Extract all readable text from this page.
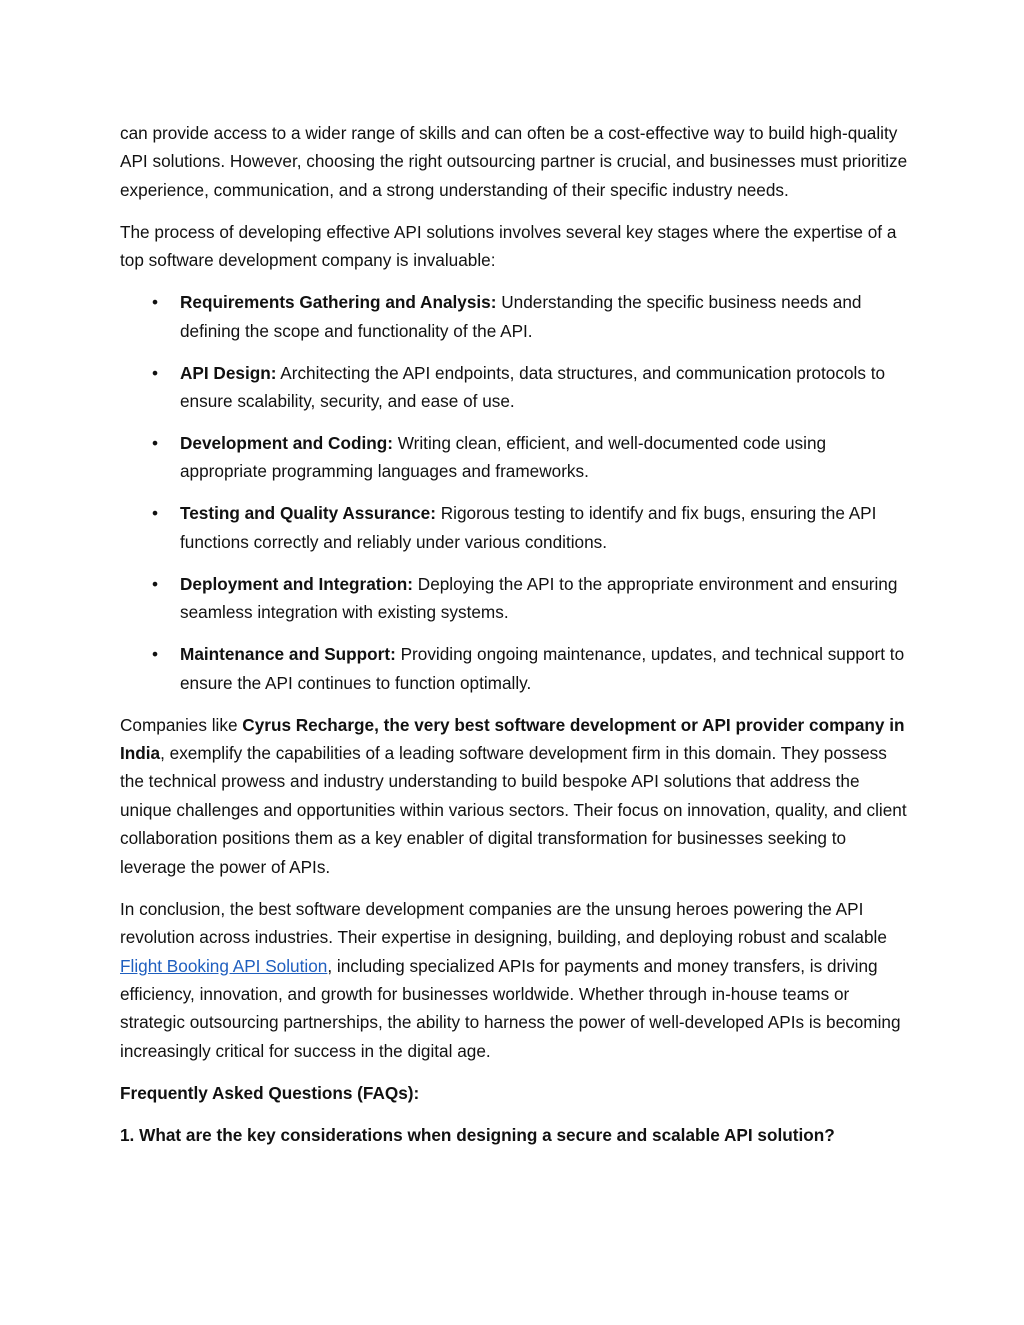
can provide access to a wider range of skills and can often be a cost-effective way to build high-quality API solutions. However, choosing the right outsourcing partner is crucial, and businesses must prioritize experience, communication, and a strong understanding of their specific industry needs.

The process of developing effective API solutions involves several key stages where the expertise of a top software development company is invaluable:

• Requirements Gathering and Analysis: Understanding the specific business needs and defining the scope and functionality of the API.
• API Design: Architecting the API endpoints, data structures, and communication protocols to ensure scalability, security, and ease of use.
• Development and Coding: Writing clean, efficient, and well-documented code using appropriate programming languages and frameworks.
• Testing and Quality Assurance: Rigorous testing to identify and fix bugs, ensuring the API functions correctly and reliably under various conditions.
• Deployment and Integration: Deploying the API to the appropriate environment and ensuring seamless integration with existing systems.
• Maintenance and Support: Providing ongoing maintenance, updates, and technical support to ensure the API continues to function optimally.

Companies like Cyrus Recharge, the very best software development or API provider company in India, exemplify the capabilities of a leading software development firm in this domain. They possess the technical prowess and industry understanding to build bespoke API solutions that address the unique challenges and opportunities within various sectors. Their focus on innovation, quality, and client collaboration positions them as a key enabler of digital transformation for businesses seeking to leverage the power of APIs.

In conclusion, the best software development companies are the unsung heroes powering the API revolution across industries. Their expertise in designing, building, and deploying robust and scalable Flight Booking API Solution, including specialized APIs for payments and money transfers, is driving efficiency, innovation, and growth for businesses worldwide. Whether through in-house teams or strategic outsourcing partnerships, the ability to harness the power of well-developed APIs is becoming increasingly critical for success in the digital age.

Frequently Asked Questions (FAQs):

1. What are the key considerations when designing a secure and scalable API solution?
